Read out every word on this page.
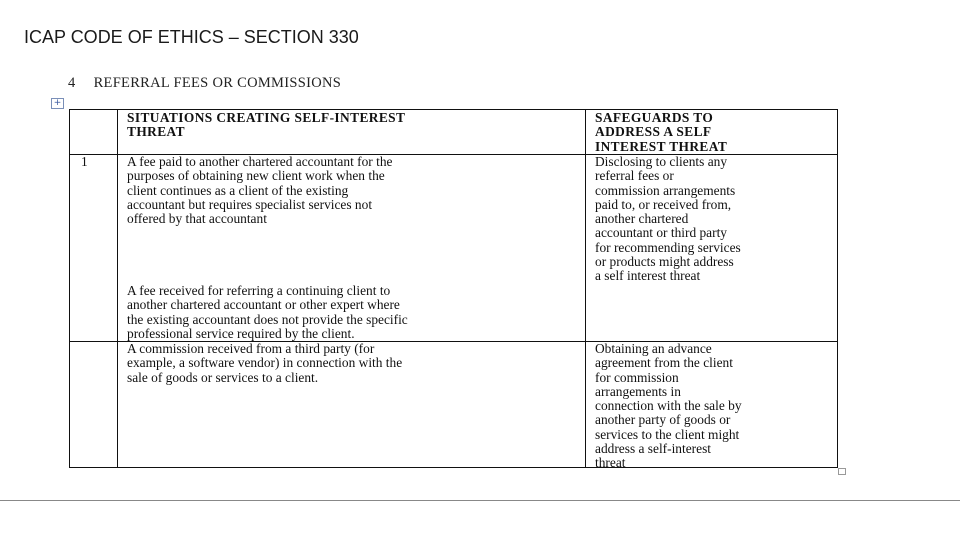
ICAP CODE OF ETHICS – SECTION 330
4 REFERRAL FEES OR COMMISSIONS
+
SITUATIONS CREATING SELF-INTEREST
THREAT
SAFEGUARDS TO
ADDRESS A SELF
INTEREST THREAT
1	A fee paid to another chartered accountant for the
purposes of obtaining new client work when the
client continues as a client of the existing
accountant but requires specialist services not
offered by that accountant
A fee received for referring a continuing client to
another chartered accountant or other expert where
the existing accountant does not provide the specific
professional service required by the client.
Disclosing to clients any
referral fees or
commission arrangements
paid to, or received from,
another chartered
accountant or third party
for recommending services
or products might address
a self interest threat
A commission received from a third party (for
example, a software vendor) in connection with the
sale of goods or services to a client.
Obtaining an advance
agreement from the client
for commission
arrangements in
connection with the sale by
another party of goods or
services to the client might
address a self-interest
threat
